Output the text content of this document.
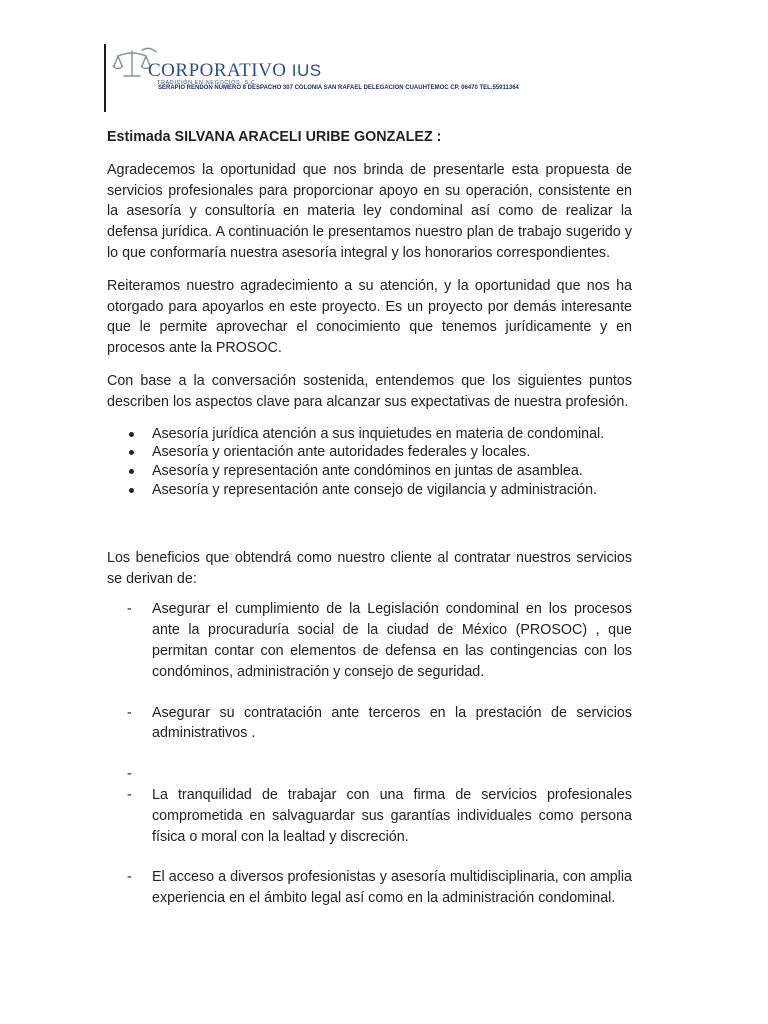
CORPORATIVO IUS
TRADICIÓN EN NEGOCIOS, S.C.
SERAPIO RENDON NUMERO 8 DESPACHO 307 COLONIA SAN RAFAEL DELEGACION CUAUHTEMOC CP. 06470 TEL.55911364

Estimada SILVANA ARACELI URIBE GONZALEZ :

Agradecemos la oportunidad que nos brinda de presentarle esta propuesta de servicios profesionales para proporcionar apoyo en su operación, consistente en la asesoría y consultoría en materia ley condominal así como de realizar la defensa jurídica. A continuación le presentamos nuestro plan de trabajo sugerido y lo que conformaría nuestra asesoría integral y los honorarios correspondientes.

Reiteramos nuestro agradecimiento a su atención, y la oportunidad que nos ha otorgado para apoyarlos en este proyecto. Es un proyecto por demás interesante que le permite aprovechar el conocimiento que tenemos jurídicamente y en procesos ante la PROSOC.

Con base a la conversación sostenida, entendemos que los siguientes puntos describen los aspectos clave para alcanzar sus expectativas de nuestra profesión.

Asesoría jurídica atención a sus inquietudes en materia de condominal.
Asesoría y orientación ante autoridades federales y locales.
Asesoría y representación ante condóminos en juntas de asamblea.
Asesoría y representación ante consejo de vigilancia y administración.

Los beneficios que obtendrá como nuestro cliente al contratar nuestros servicios se derivan de:

- Asegurar el cumplimiento de la Legislación condominal en los procesos ante la procuraduría social de la ciudad de México (PROSOC) , que permitan contar con elementos de defensa en las contingencias con los condóminos, administración y consejo de seguridad.
- Asegurar su contratación ante terceros en la prestación de servicios administrativos .
-
- La tranquilidad de trabajar con una firma de servicios profesionales comprometida en salvaguardar sus garantías individuales como persona física o moral con la lealtad y discreción.
- El acceso a diversos profesionistas y asesoría multidisciplinaria, con amplia experiencia en el ámbito legal así como en la administración condominal.
